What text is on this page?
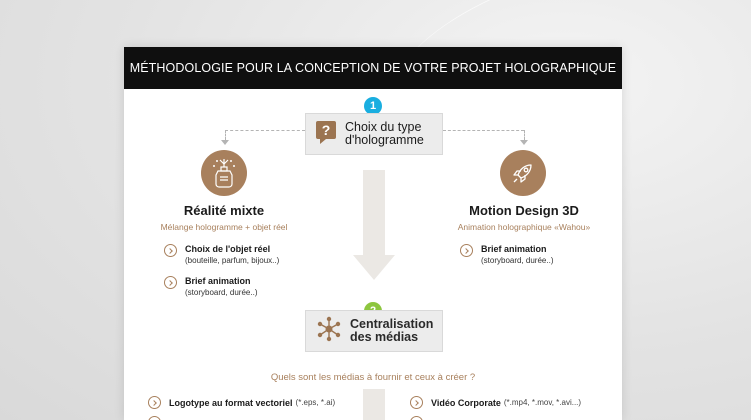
MÉTHODOLOGIE POUR LA CONCEPTION DE VOTRE PROJET HOLOGRAPHIQUE
1
? Choix du type
d'hologramme
Réalité mixte
Mélange hologramme + objet réel
Choix de l'objet réel
(bouteille, parfum, bijoux..)
Brief animation
(storyboard, durée..)
Motion Design 3D
Animation holographique «Wahou»
Brief animation
(storyboard, durée..)
Centralisation
des médias
Quels sont les médias à fournir et ceux à créer ?
Logotype au format vectoriel (*.eps, *.ai)	Vidéo Corporate (*.mp4, *.mov, *.avi...)
